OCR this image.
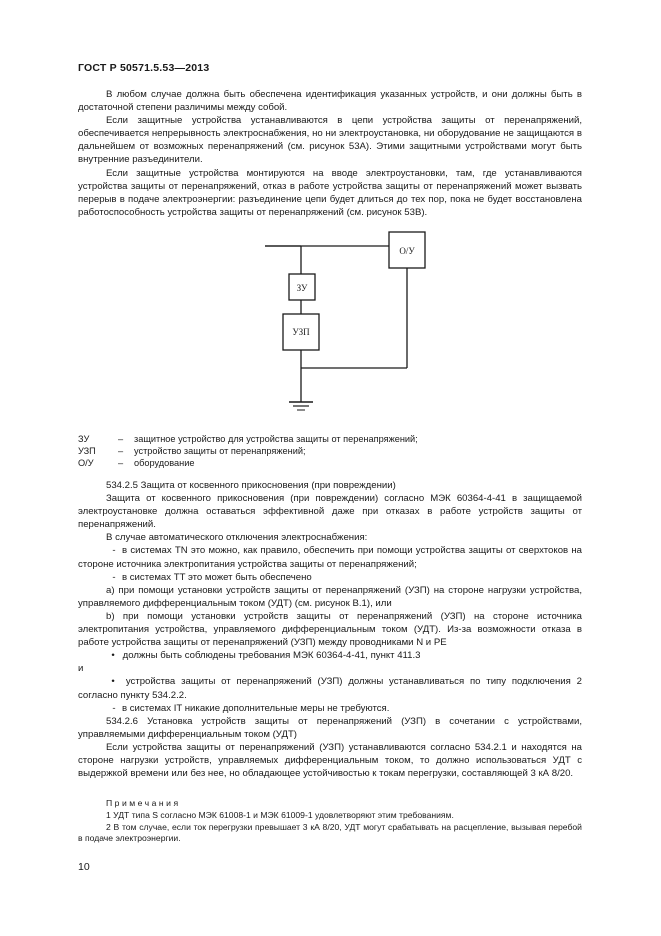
ГОСТ Р 50571.5.53—2013

В любом случае должна быть обеспечена идентификация указанных устройств, и они должны быть в достаточной степени различимы между собой.

Если защитные устройства устанавливаются в цепи устройства защиты от перенапряжений, обеспечивается непрерывность электроснабжения, но ни электроустановка, ни оборудование не защищаются в дальнейшем от возможных перенапряжений (см. рисунок 53А). Этими защитными устройствами могут быть внутренние разъединители.

Если защитные устройства монтируются на вводе электроустановки, там, где устанавливаются устройства защиты от перенапряжений, отказ в работе устройства защиты от перенапряжений может вызвать перерыв в подаче электроэнергии: разъединение цепи будет длиться до тех пор, пока не будет восстановлена работоспособность устройства защиты от перенапряжений (см. рисунок 53В).

О/У
ЗУ
УЗП
ЗУ	–	защитное устройство для устройства защиты от перенапряжений;
УЗП	–	устройство защиты от перенапряжений;
О/У	–	оборудование

534.2.5 Защита от косвенного прикосновения (при повреждении)

Защита от косвенного прикосновения (при повреждении) согласно МЭК 60364-4-41 в защищаемой электроустановке должна оставаться эффективной даже при отказах в работе устройств защиты от перенапряжений.

В случае автоматического отключения электроснабжения:

- в системах TN это можно, как правило, обеспечить при помощи устройства защиты от сверхтоков на стороне источника электропитания устройства защиты от перенапряжений;

- в системах TT это может быть обеспечено

а) при помощи установки устройств защиты от перенапряжений (УЗП) на стороне нагрузки устройства, управляемого дифференциальным током (УДТ) (см. рисунок В.1), или

b) при помощи установки устройств защиты от перенапряжений (УЗП) на стороне источника электропитания устройства, управляемого дифференциальным током (УДТ). Из-за возможности отказа в работе устройства защиты от перенапряжений (УЗП) между проводниками N и PE

• должны быть соблюдены требования МЭК 60364-4-41, пункт 411.3

и

• устройства защиты от перенапряжений (УЗП) должны устанавливаться по типу подключения 2 согласно пункту 534.2.2.

- в системах IT никакие дополнительные меры не требуются.

534.2.6 Установка устройств защиты от перенапряжений (УЗП) в сочетании с устройствами, управляемыми дифференциальным током (УДТ)

Если устройства защиты от перенапряжений (УЗП) устанавливаются согласно 534.2.1 и находятся на стороне нагрузки устройств, управляемых дифференциальным током, то должно использоваться УДТ с выдержкой времени или без нее, но обладающее устойчивостью к токам перегрузки, составляющей 3 кА 8/20.

Примечания

1 УДТ типа S согласно МЭК 61008-1 и МЭК 61009-1 удовлетворяют этим требованиям.

2 В том случае, если ток перегрузки превышает 3 кА 8/20, УДТ могут срабатывать на расцепление, вызывая перебой в подаче электроэнергии.

10
